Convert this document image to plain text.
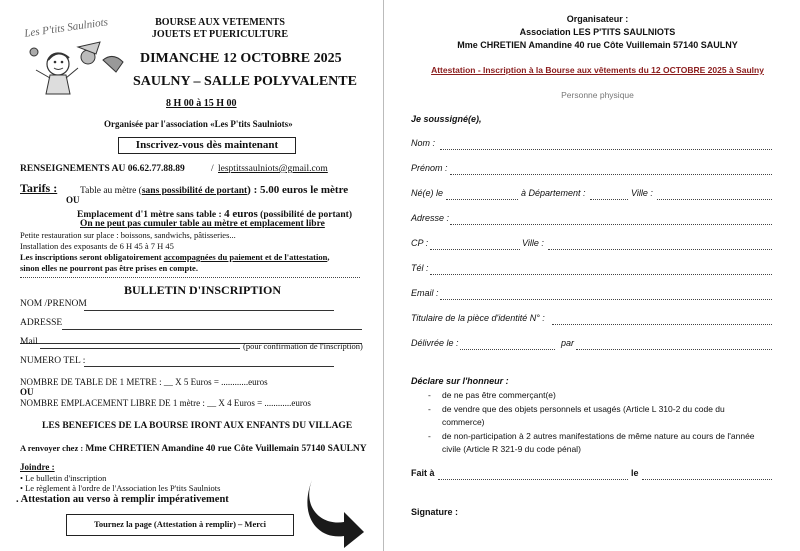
Les P'tits Saulniots	BOURSE AUX VETEMENTS
JOUETS ET PUERICULTURE
DIMANCHE 12 OCTOBRE 2025
SAULNY – SALLE POLYVALENTE
8 H 00 à 15 H 00
Organisée par l'association «Les P'tits Saulniots»
Inscrivez-vous dès maintenant
RENSEIGNEMENTS AU 06.62.77.88.89	/ lesptitssaulniots@gmail.com
Tarifs : Table au mètre (sans possibilité de portant) : 5.00 euros le mètre
OU
Emplacement d'1 mètre sans table : 4 euros (possibilité de portant)
On ne peut pas cumuler table au mètre et emplacement libre
Petite restauration sur place : boissons, sandwichs, pâtisseries...
Installation des exposants de 6 H 45 à 7 H 45
Les inscriptions seront obligatoirement accompagnées du paiement et de l'attestation,
sinon elles ne pourront pas être prises en compte.
BULLETIN D'INSCRIPTION
NOM /PRENOM
ADRESSE
Mail	(pour confirmation de l'inscription)
NUMERO TEL :
NOMBRE DE TABLE DE 1 METRE : __ X 5 Euros = ............euros
OU
NOMBRE EMPLACEMENT LIBRE DE 1 mètre : __ X 4 Euros = ............euros
LES BENEFICES DE LA BOURSE IRONT AUX ENFANTS DU VILLAGE
A renvoyer chez : Mme CHRETIEN Amandine 40 rue Côte Vuillemain 57140 SAULNY
Joindre :
• Le bulletin d'inscription
• Le règlement à l'ordre de l'Association les P'tits Saulniots
. Attestation au verso à remplir impérativement
Tournez la page (Attestation à remplir) – Merci
Organisateur :
Association LES P'TITS SAULNIOTS
Mme CHRETIEN Amandine 40 rue Côte Vuillemain 57140 SAULNY
Attestation - Inscription à la Bourse aux vêtements du 12 OCTOBRE 2025 à Saulny
Personne physique
Je soussigné(e),
Nom :
Prénom :
Né(e) le	à Département :	Ville :
Adresse :
CP :	Ville :
Tél :
Email :
Titulaire de la pièce d'identité N° :
Délivrée le :	par
Déclare sur l'honneur :
- de ne pas être commerçant(e)
- de vendre que des objets personnels et usagés (Article L 310-2 du code du
commerce)
- de non-participation à 2 autres manifestations de même nature au cours de l'année
civile (Article R 321-9 du code pénal)
Fait à	le
Signature :
